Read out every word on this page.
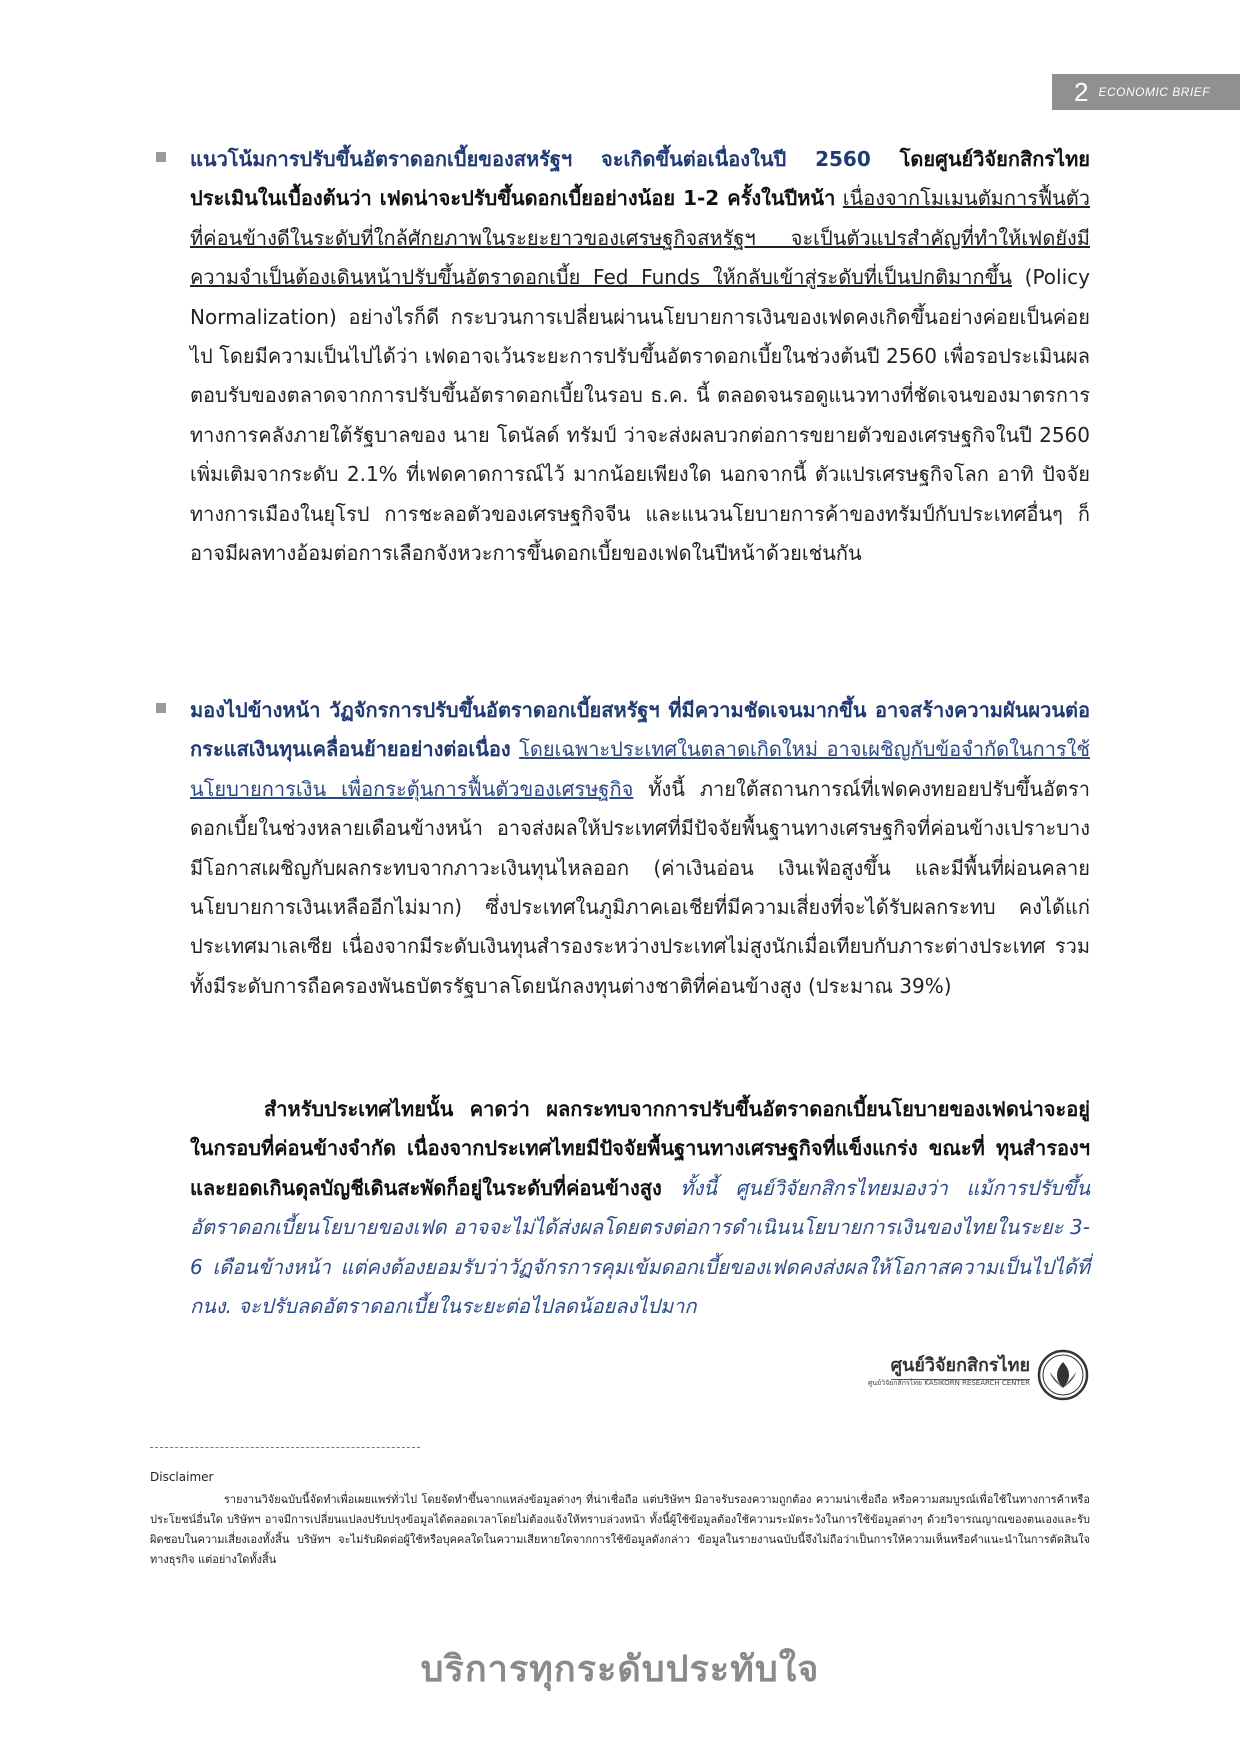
2 ECONOMIC BRIEF

แนวโน้มการปรับขึ้นอัตราดอกเบี้ยของสหรัฐฯ จะเกิดขึ้นต่อเนื่องในปี 2560 โดยศูนย์วิจัยกสิกรไทย ประเมินในเบื้องต้นว่า เฟดน่าจะปรับขึ้นดอกเบี้ยอย่างน้อย 1-2 ครั้งในปีหน้า เนื่องจากโมเมนตัมการฟื้นตัวที่ค่อนข้างดีในระดับที่ใกล้ศักยภาพในระยะยาวของเศรษฐกิจสหรัฐฯ จะเป็นตัวแปรสำคัญที่ทำให้เฟดยังมีความจำเป็นต้องเดินหน้าปรับขึ้นอัตราดอกเบี้ย Fed Funds ให้กลับเข้าสู่ระดับที่เป็นปกติมากขึ้น (Policy Normalization) อย่างไรก็ดี กระบวนการเปลี่ยนผ่านนโยบายการเงินของเฟดคงเกิดขึ้นอย่างค่อยเป็นค่อยไป โดยมีความเป็นไปได้ว่า เฟดอาจเว้นระยะการปรับขึ้นอัตราดอกเบี้ยในช่วงต้นปี 2560 เพื่อรอประเมินผลตอบรับของตลาดจากการปรับขึ้นอัตราดอกเบี้ยในรอบ ธ.ค. นี้ ตลอดจนรอดูแนวทางที่ชัดเจนของมาตรการทางการคลังภายใต้รัฐบาลของ นาย โดนัลด์ ทรัมป์ ว่าจะส่งผลบวกต่อการขยายตัวของเศรษฐกิจในปี 2560 เพิ่มเติมจากระดับ 2.1% ที่เฟดคาดการณ์ไว้ มากน้อยเพียงใด นอกจากนี้ ตัวแปรเศรษฐกิจโลก อาทิ ปัจจัยทางการเมืองในยุโรป การชะลอตัวของเศรษฐกิจจีน และแนวนโยบายการค้าของทรัมป์กับประเทศอื่นๆ ก็อาจมีผลทางอ้อมต่อการเลือกจังหวะการขึ้นดอกเบี้ยของเฟดในปีหน้าด้วยเช่นกัน

มองไปข้างหน้า วัฏจักรการปรับขึ้นอัตราดอกเบี้ยสหรัฐฯ ที่มีความชัดเจนมากขึ้น อาจสร้างความผันผวนต่อกระแสเงินทุนเคลื่อนย้ายอย่างต่อเนื่อง โดยเฉพาะประเทศในตลาดเกิดใหม่ อาจเผชิญกับข้อจำกัดในการใช้นโยบายการเงิน เพื่อกระตุ้นการฟื้นตัวของเศรษฐกิจ ทั้งนี้ ภายใต้สถานการณ์ที่เฟดคงทยอยปรับขึ้นอัตราดอกเบี้ยในช่วงหลายเดือนข้างหน้า อาจส่งผลให้ประเทศที่มีปัจจัยพื้นฐานทางเศรษฐกิจที่ค่อนข้างเปราะบาง มีโอกาสเผชิญกับผลกระทบจากภาวะเงินทุนไหลออก (ค่าเงินอ่อน เงินเฟ้อสูงขึ้น และมีพื้นที่ผ่อนคลายนโยบายการเงินเหลืออีกไม่มาก) ซึ่งประเทศในภูมิภาคเอเชียที่มีความเสี่ยงที่จะได้รับผลกระทบ คงได้แก่ ประเทศมาเลเซีย เนื่องจากมีระดับเงินทุนสำรองระหว่างประเทศไม่สูงนักเมื่อเทียบกับภาระต่างประเทศ รวมทั้งมีระดับการถือครองพันธบัตรรัฐบาลโดยนักลงทุนต่างชาติที่ค่อนข้างสูง (ประมาณ 39%)

สำหรับประเทศไทยนั้น คาดว่า ผลกระทบจากการปรับขึ้นอัตราดอกเบี้ยนโยบายของเฟดน่าจะอยู่ในกรอบที่ค่อนข้างจำกัด เนื่องจากประเทศไทยมีปัจจัยพื้นฐานทางเศรษฐกิจที่แข็งแกร่ง ขณะที่ ทุนสำรองฯ และยอดเกินดุลบัญชีเดินสะพัดก็อยู่ในระดับที่ค่อนข้างสูง ทั้งนี้ ศูนย์วิจัยกสิกรไทยมองว่า แม้การปรับขึ้นอัตราดอกเบี้ยนโยบายของเฟด อาจจะไม่ได้ส่งผลโดยตรงต่อการดำเนินนโยบายการเงินของไทยในระยะ 3-6 เดือนข้างหน้า แต่คงต้องยอมรับว่าวัฏจักรการคุมเข้มดอกเบี้ยของเฟดคงส่งผลให้โอกาสความเป็นไปได้ที่ กนง. จะปรับลดอัตราดอกเบี้ยในระยะต่อไปลดน้อยลงไปมาก

ศูนย์วิจัยกสิกรไทย
ศูนย์วิจัยกสิกรไทย KASIKORN RESEARCH CENTER
Disclaimer

รายงานวิจัยฉบับนี้จัดทำเพื่อเผยแพร่ทั่วไป โดยจัดทำขึ้นจากแหล่งข้อมูลต่างๆ ที่น่าเชื่อถือ แต่บริษัทฯ มิอาจรับรองความถูกต้อง ความน่าเชื่อถือ หรือความสมบูรณ์เพื่อใช้ในทางการค้าหรือประโยชน์อื่นใด บริษัทฯ อาจมีการเปลี่ยนแปลงปรับปรุงข้อมูลได้ตลอดเวลาโดยไม่ต้องแจ้งให้ทราบล่วงหน้า ทั้งนี้ผู้ใช้ข้อมูลต้องใช้ความระมัดระวังในการใช้ข้อมูลต่างๆ ด้วยวิจารณญาณของตนเองและรับผิดชอบในความเสี่ยงเองทั้งสิ้น บริษัทฯ จะไม่รับผิดต่อผู้ใช้หรือบุคคลใดในความเสียหายใดจากการใช้ข้อมูลดังกล่าว ข้อมูลในรายงานฉบับนี้จึงไม่ถือว่าเป็นการให้ความเห็นหรือคำแนะนำในการตัดสินใจทางธุรกิจ แต่อย่างใดทั้งสิ้น

บริการทุกระดับประทับใจ
